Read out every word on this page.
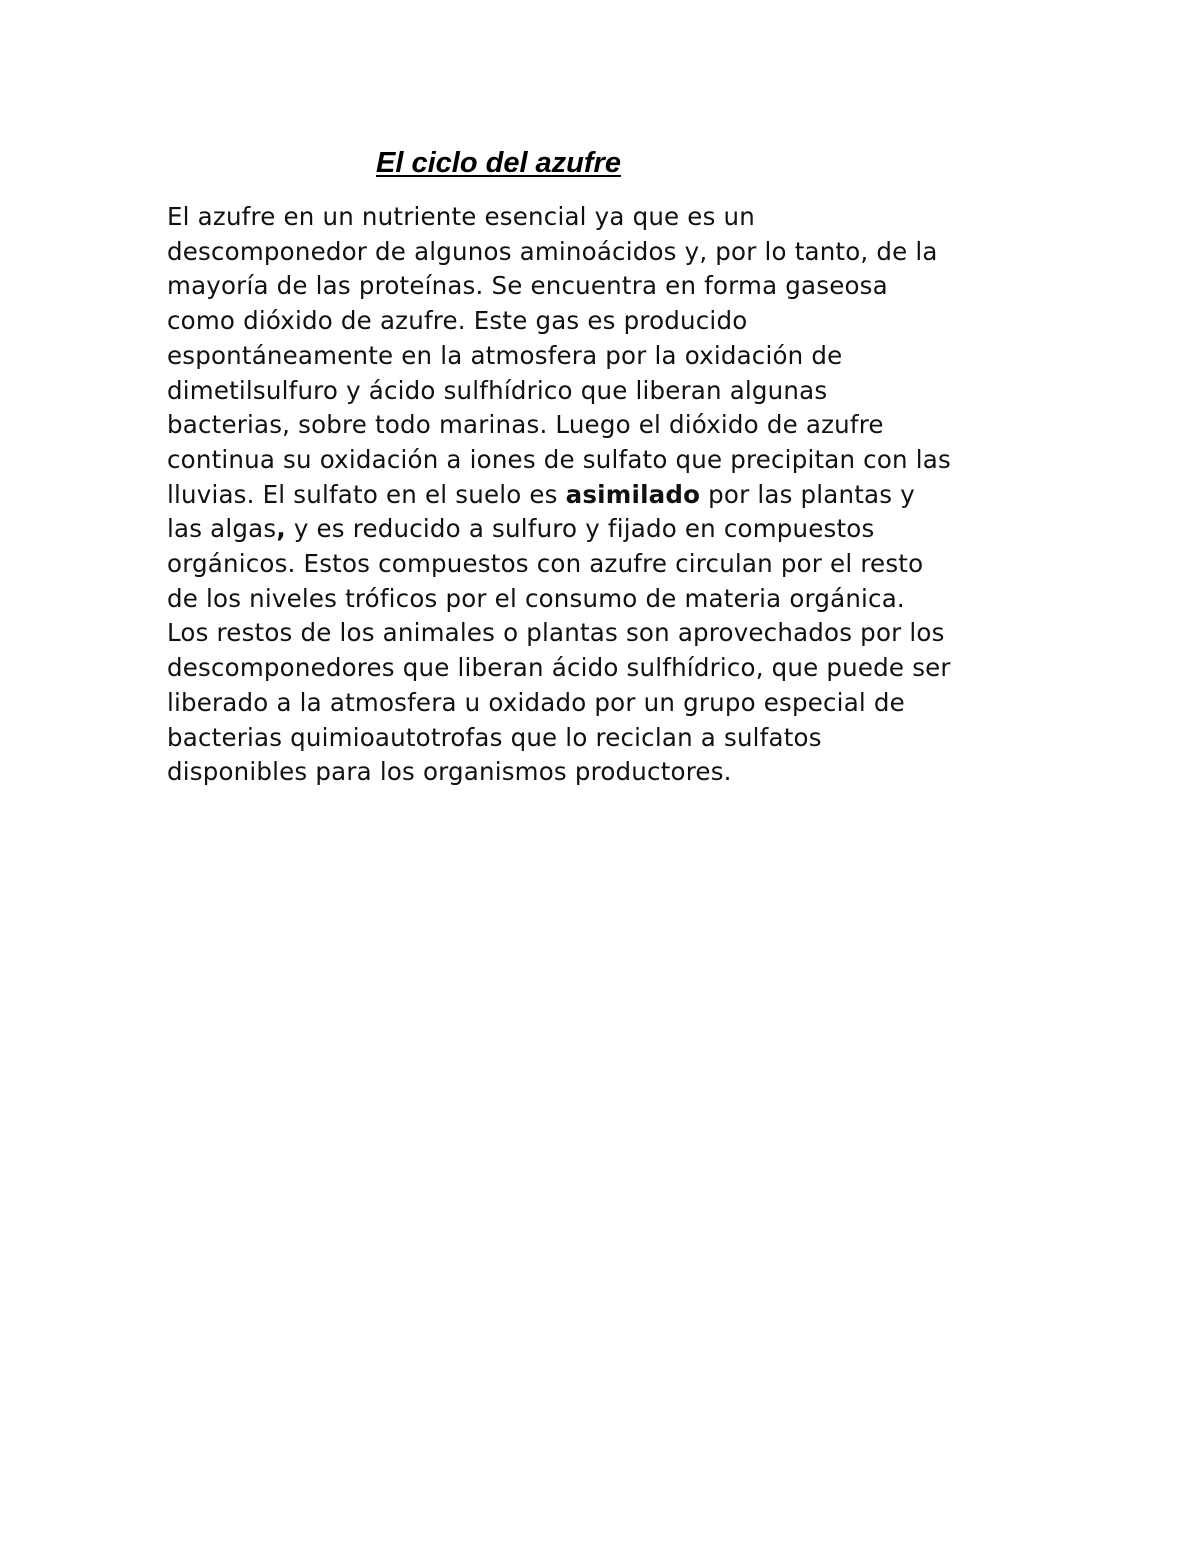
El ciclo del azufre
El azufre en un nutriente esencial ya que es un
descomponedor de algunos aminoácidos y, por lo tanto, de la
mayoría de las proteínas. Se encuentra en forma gaseosa
como dióxido de azufre. Este gas es producido
espontáneamente en la atmosfera por la oxidación de
dimetilsulfuro y ácido sulfhídrico que liberan algunas
bacterias, sobre todo marinas. Luego el dióxido de azufre
continua su oxidación a iones de sulfato que precipitan con las
lluvias. El sulfato en el suelo es asimilado por las plantas y
las algas, y es reducido a sulfuro y fijado en compuestos
orgánicos. Estos compuestos con azufre circulan por el resto
de los niveles tróficos por el consumo de materia orgánica.
Los restos de los animales o plantas son aprovechados por los
descomponedores que liberan ácido sulfhídrico, que puede ser
liberado a la atmosfera u oxidado por un grupo especial de
bacterias quimioautotrofas que lo reciclan a sulfatos
disponibles para los organismos productores.
